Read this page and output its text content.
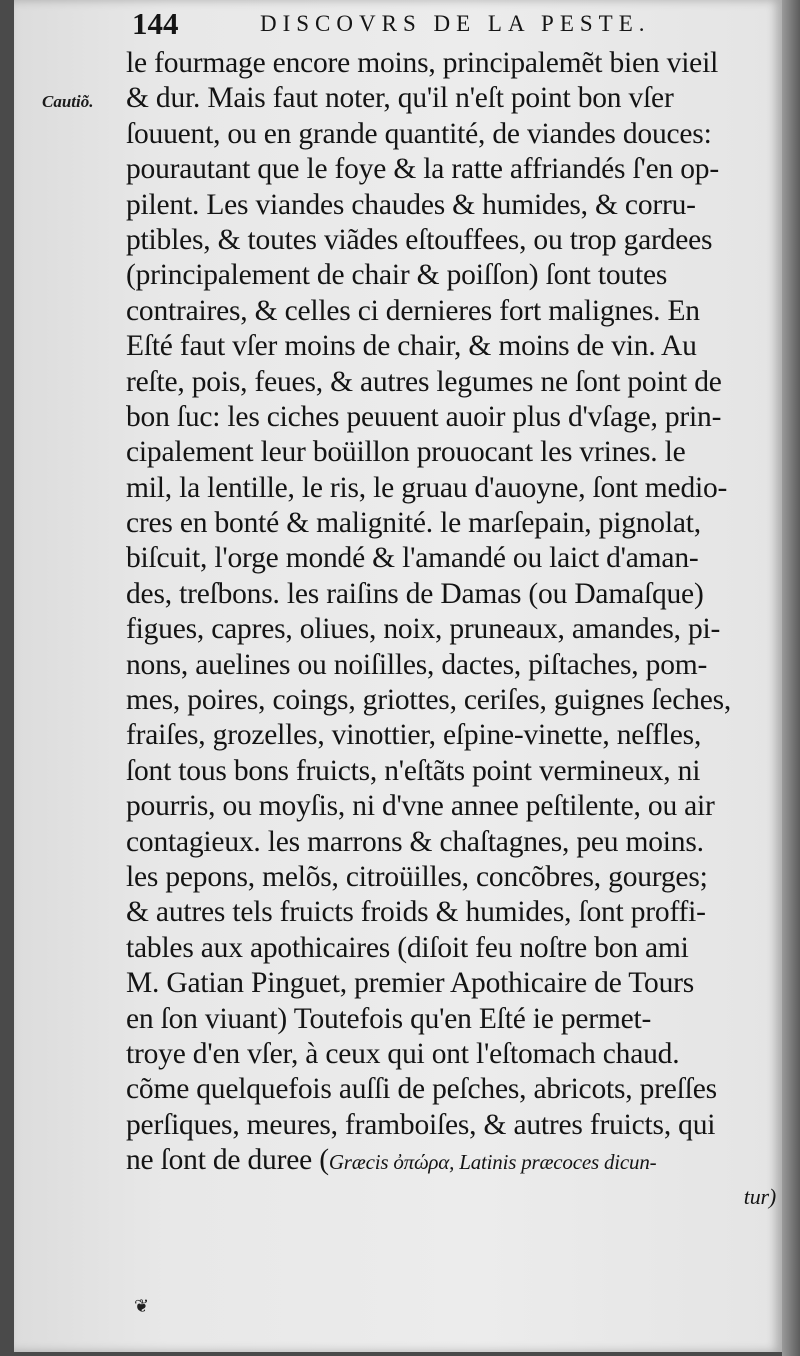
144	DISCOVRS DE LA PESTE.
Cautiõ.
le fourmage encore moins, principalemẽt bien vieil
& dur. Mais faut noter, qu'il n'eſt point bon vſer
ſouuent, ou en grande quantité, de viandes douces:
pourautant que le foye & la ratte affriandés ſ'en op-
pilent. Les viandes chaudes & humides, & corru-
ptibles, & toutes viãdes eſtouffees, ou trop gardees
(principalement de chair & poiſſon) ſont toutes
contraires, & celles ci dernieres fort malignes. En
Eſté faut vſer moins de chair, & moins de vin. Au
reſte, pois, feues, & autres legumes ne ſont point de
bon ſuc: les ciches peuuent auoir plus d'vſage, prin-
cipalement leur boüillon prouocant les vrines. le
mil, la lentille, le ris, le gruau d'auoyne, ſont medio-
cres en bonté & malignité. le marſepain, pignolat,
biſcuit, l'orge mondé & l'amandé ou laict d'aman-
des, treſbons. les raiſins de Damas (ou Damaſque)
figues, capres, oliues, noix, pruneaux, amandes, pi-
nons, auelines ou noiſilles, dactes, piſtaches, pom-
mes, poires, coings, griottes, ceriſes, guignes ſeches,
fraiſes, grozelles, vinottier, eſpine-vinette, neſfles,
ſont tous bons fruicts, n'eſtãts point vermineux, ni
pourris, ou moyſis, ni d'vne annee peſtilente, ou air
contagieux. les marrons & chaſtagnes, peu moins.
les pepons, melõs, citroüilles, concõbres, gourges;
& autres tels fruicts froids & humides, ſont proffi-
tables aux apothicaires (diſoit feu noſtre bon ami
M. Gatian Pinguet, premier Apothicaire de Tours
en ſon viuant) Toutefois qu'en Eſté ie permet-
troye d'en vſer, à ceux qui ont l'eſtomach chaud.
cõme quelquefois auſſi de peſches, abricots, preſſes
perſiques, meures, framboiſes, & autres fruicts, qui
ne ſont de duree (Græcis ὀπώρα, Latinis præcoces dicun-
tur)
❦
